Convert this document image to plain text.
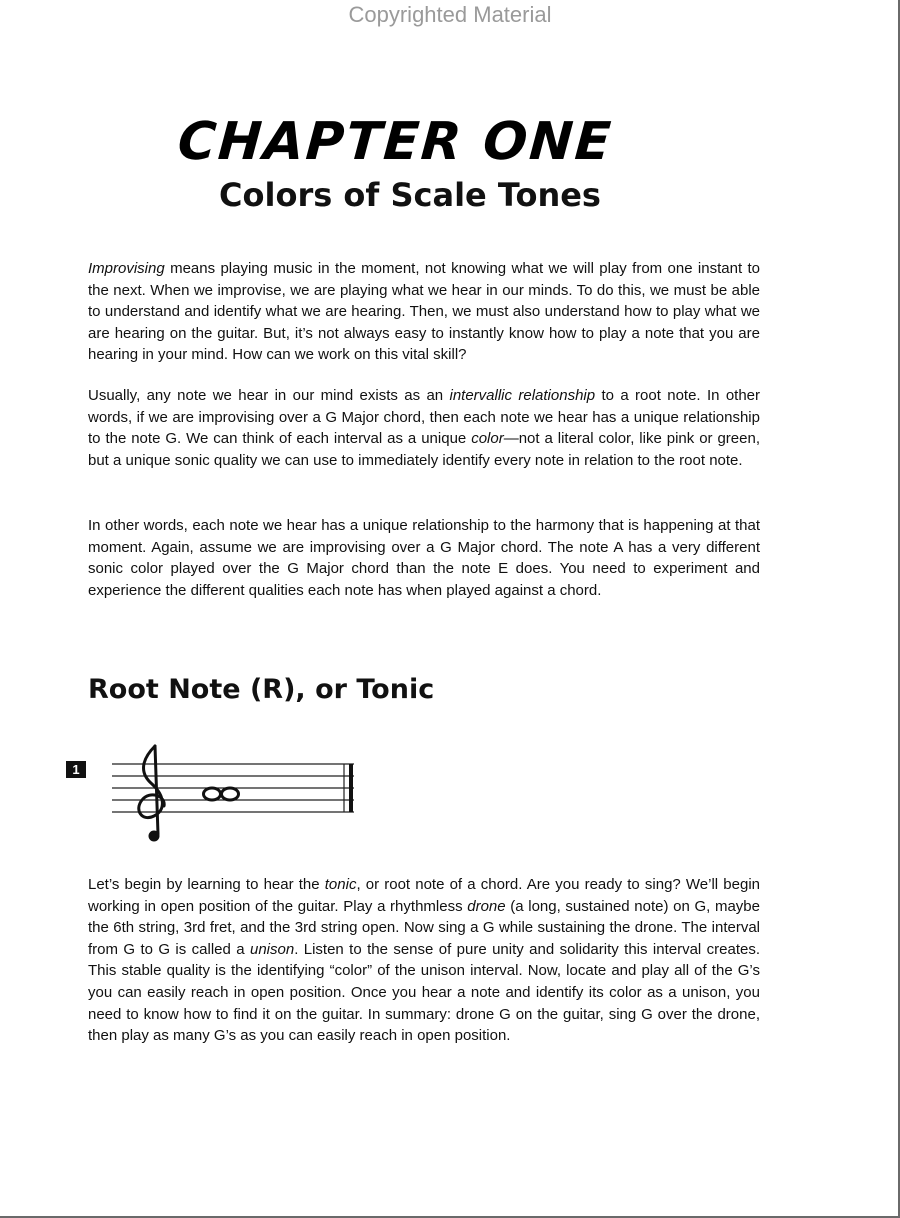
Copyrighted Material
CHAPTER ONE
Colors of Scale Tones

Improvising means playing music in the moment, not knowing what we will play from one instant to the next. When we improvise, we are playing what we hear in our minds. To do this, we must be able to understand and identify what we are hearing. Then, we must also understand how to play what we are hearing on the guitar. But, it’s not always easy to instantly know how to play a note that you are hearing in your mind. How can we work on this vital skill?

Usually, any note we hear in our mind exists as an intervallic relationship to a root note. In other words, if we are improvising over a G Major chord, then each note we hear has a unique relationship to the note G. We can think of each interval as a unique color—not a literal color, like pink or green, but a unique sonic quality we can use to immediately identify every note in relation to the root note.

In other words, each note we hear has a unique relationship to the harmony that is happening at that moment. Again, assume we are improvising over a G Major chord. The note A has a very different sonic color played over the G Major chord than the note E does. You need to experiment and experience the different qualities each note has when played against a chord.

Root Note (R), or Tonic
1

Let’s begin by learning to hear the tonic, or root note of a chord. Are you ready to sing? We’ll begin working in open position of the guitar. Play a rhythmless drone (a long, sustained note) on G, maybe the 6th string, 3rd fret, and the 3rd string open. Now sing a G while sustaining the drone. The interval from G to G is called a unison. Listen to the sense of pure unity and solidarity this interval creates. This stable quality is the identifying “color” of the unison interval. Now, locate and play all of the G’s you can easily reach in open position. Once you hear a note and identify its color as a unison, you need to know how to find it on the guitar. In summary: drone G on the guitar, sing G over the drone, then play as many G’s as you can easily reach in open position.
